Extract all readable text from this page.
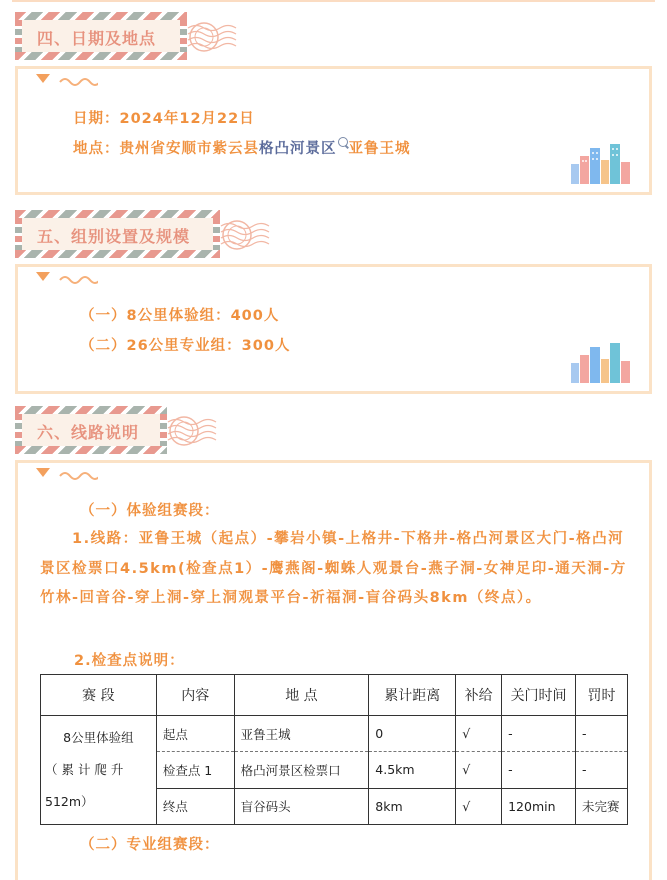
四、日期及地点
日期：2024年12月22日
地点：贵州省安顺市紫云县格凸河景区 亚鲁王城
五、组别设置及规模
（一）8公里体验组：400人
（二）26公里专业组：300人
六、线路说明
（一）体验组赛段：
1.线路：亚鲁王城（起点）-攀岩小镇-上格井-下格井-格凸河景区大门-格凸河景区检票口4.5km(检查点1）-鹰燕阁-蜘蛛人观景台-燕子洞-女神足印-通天洞-方竹林-回音谷-穿上洞-穿上洞观景平台-祈福洞-盲谷码头8km（终点）。
2.检查点说明：
（二）专业组赛段：
赛 段	内容	地 点	累计距离	补给	关门时间	罚时

8公里体验组
（ 累 计 爬 升
512m）	起点	亚鲁王城	0	√	-	-
	检查点 1	格凸河景区检票口	4.5km	√	-	-
	终点	盲谷码头	8km	√	120min	未完赛
